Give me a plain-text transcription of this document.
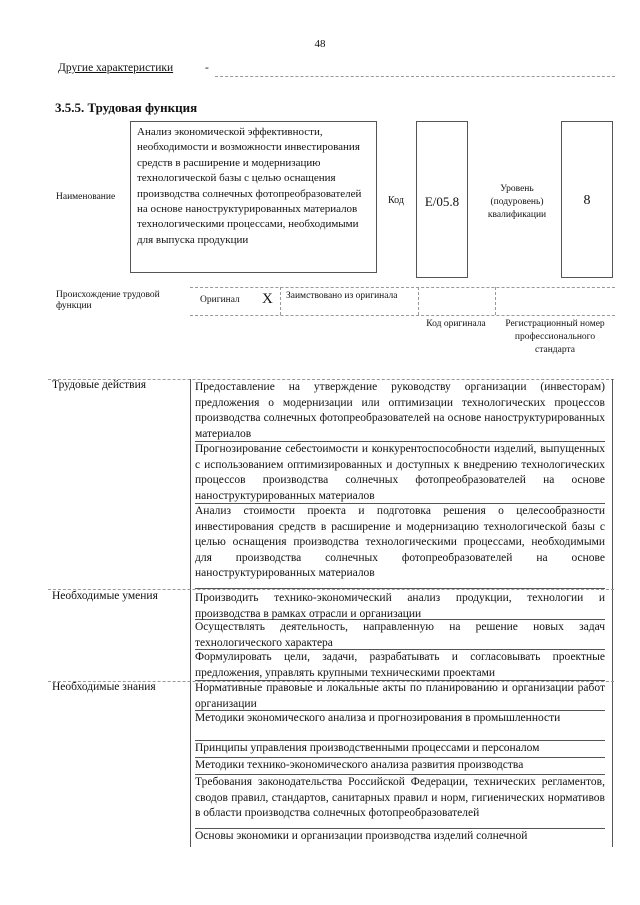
48
Другие характеристики	-
3.5.5. Трудовая функция
Наименование
Анализ экономической эффективности, необходимости и возможности инвестирования средств в расширение и модернизацию технологической базы с целью оснащения производства солнечных фотопреобразователей на основе наноструктурированных материалов технологическими процессами, необходимыми для выпуска продукции
Код	E/05.8
Уровень (подуровень) квалификации
8
Происхождение трудовой функции
Оригинал X Заимствовано из оригинала
Код оригинала	Регистрационный номер профессионального стандарта
Трудовые действия	Предоставление на утверждение руководству организации (инвесторам) предложения о модернизации или оптимизации технологических процессов производства солнечных фотопреобразователей на основе наноструктурированных материалов
Прогнозирование себестоимости и конкурентоспособности изделий, выпущенных с использованием оптимизированных и доступных к внедрению технологических процессов производства солнечных фотопреобразователей на основе наноструктурированных материалов
Анализ стоимости проекта и подготовка решения о целесообразности инвестирования средств в расширение и модернизацию технологической базы с целью оснащения производства технологическими процессами, необходимыми для производства солнечных фотопреобразователей на основе наноструктурированных материалов
Необходимые умения	Производить технико-экономический анализ продукции, технологии и производства в рамках отрасли и организации
Осуществлять деятельность, направленную на решение новых задач технологического характера
Формулировать цели, задачи, разрабатывать и согласовывать проектные предложения, управлять крупными техническими проектами
Необходимые знания	Нормативные правовые и локальные акты по планированию и организации работ организации
Методики экономического анализа и прогнозирования в промышленности
Принципы управления производственными процессами и персоналом
Методики технико-экономического анализа развития производства
Требования законодательства Российской Федерации, технических регламентов, сводов правил, стандартов, санитарных правил и норм, гигиенических нормативов в области производства солнечных фотопреобразователей
Основы экономики и организации производства изделий солнечной
